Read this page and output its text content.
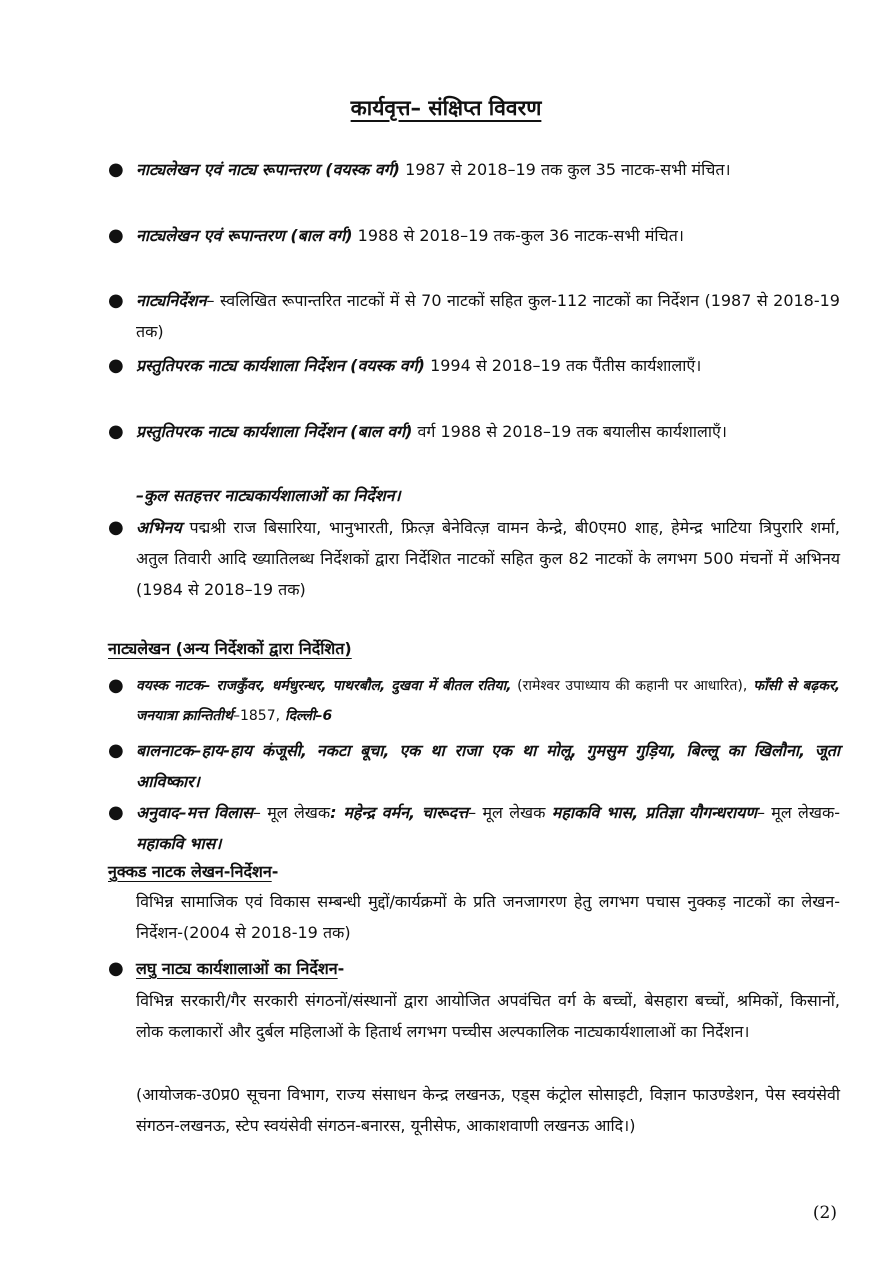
कार्यवृत्त– संक्षिप्त विवरण
● नाट्यलेखन एवं नाट्य रूपान्तरण (वयस्क वर्ग) 1987 से 2018–19 तक कुल 35 नाटक-सभी मंचित।
● नाट्यलेखन एवं रूपान्तरण (बाल वर्ग) 1988 से 2018–19 तक-कुल 36 नाटक-सभी मंचित।
● नाट्यनिर्देशन– स्वलिखित रूपान्तरित नाटकों में से 70 नाटकों सहित कुल-112 नाटकों का निर्देशन (1987 से 2018-19 तक)
● प्रस्तुतिपरक नाट्य कार्यशाला निर्देशन (वयस्क वर्ग) 1994 से 2018–19 तक पैंतीस कार्यशालाएँ।
● प्रस्तुतिपरक नाट्य कार्यशाला निर्देशन (बाल वर्ग) वर्ग 1988 से 2018–19 तक बयालीस कार्यशालाएँ।
–कुल सतहत्तर नाट्यकार्यशालाओं का निर्देशन।
● अभिनय पद्मश्री राज बिसारिया, भानुभारती, फ्रित्ज़ बेनेवित्ज़ वामन केन्द्रे, बी0एम0 शाह, हेमेन्द्र भाटिया त्रिपुरारि शर्मा, अतुल तिवारी आदि ख्यातिलब्ध निर्देशकों द्वारा निर्देशित नाटकों सहित कुल 82 नाटकों के लगभग 500 मंचनों में अभिनय (1984 से 2018–19 तक)
नाट्यलेखन (अन्य निर्देशकों द्वारा निर्देशित)
● वयस्क नाटक– राजकुँवर, धर्मधुरन्धर, पाथरबौल, दुखवा में बीतल रतिया, (रामेश्वर उपाध्याय की कहानी पर आधारित), फाँसी से बढ़कर, जनयात्रा क्रान्तितीर्थ–1857, दिल्ली–6
● बालनाटक–हाय-हाय कंजूसी, नकटा बूचा, एक था राजा एक था मोलू, गुमसुम गुड़िया, बिल्लू का खिलौना, जूता आविष्कार।
● अनुवाद–मत्त विलास– मूल लेखक: महेन्द्र वर्मन, चारूदत्त– मूल लेखक महाकवि भास, प्रतिज्ञा यौगन्धरायण– मूल लेखक-महाकवि भास।
नुक्कड नाटक लेखन-निर्देशन-
विभिन्न सामाजिक एवं विकास सम्बन्धी मुद्दों/कार्यक्रमों के प्रति जनजागरण हेतु लगभग पचास नुक्कड़ नाटकों का लेखन-निर्देशन-(2004 से 2018-19 तक)
● लघु नाट्य कार्यशालाओं का निर्देशन-
विभिन्न सरकारी/गैर सरकारी संगठनों/संस्थानों द्वारा आयोजित अपवंचित वर्ग के बच्चों, बेसहारा बच्चों, श्रमिकों, किसानों, लोक कलाकारों और दुर्बल महिलाओं के हितार्थ लगभग पच्चीस अल्पकालिक नाट्यकार्यशालाओं का निर्देशन।
(आयोजक-उ0प्र0 सूचना विभाग, राज्य संसाधन केन्द्र लखनऊ, एड्स कंट्रोल सोसाइटी, विज्ञान फाउण्डेशन, पेस स्वयंसेवी संगठन-लखनऊ, स्टेप स्वयंसेवी संगठन-बनारस, यूनीसेफ, आकाशवाणी लखनऊ आदि।)
(2)
